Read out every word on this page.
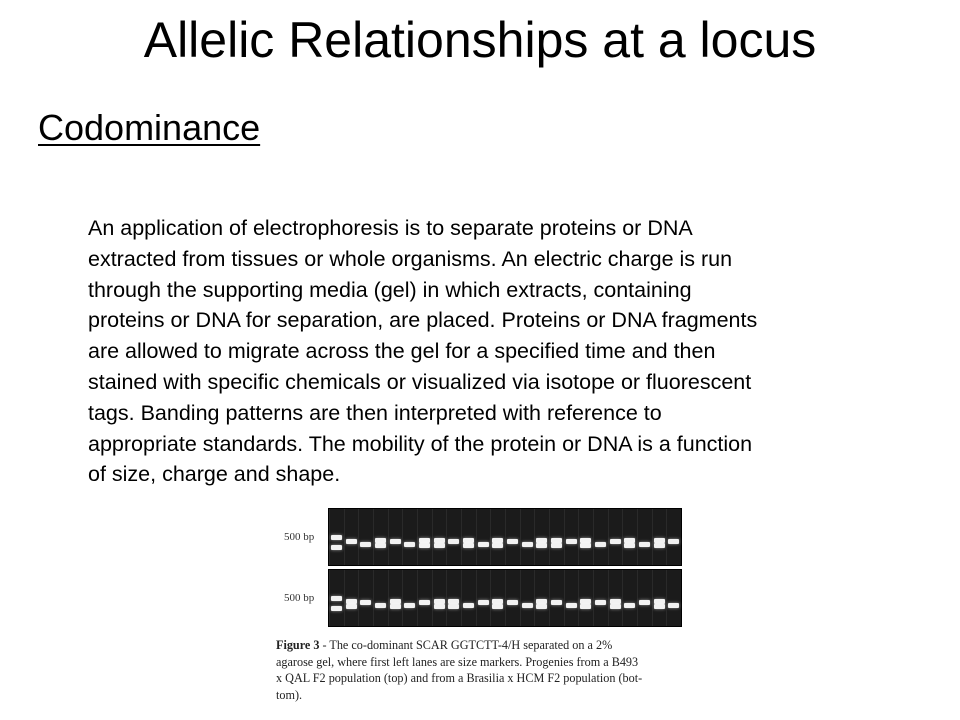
Allelic Relationships at a locus
Codominance
An application of electrophoresis is to separate proteins or DNA
extracted from tissues or whole organisms. An electric charge is run
through the supporting media (gel) in which extracts, containing
proteins or DNA for separation, are placed. Proteins or DNA fragments
are allowed to migrate across the gel for a specified time and then
stained with specific chemicals or visualized via isotope or fluorescent
tags. Banding patterns are then interpreted with reference to
appropriate standards. The mobility of the protein or DNA is a function
of size, charge and shape.
500 bp
500 bp
Figure 3 - The co-dominant SCAR GGTCTT-4/H separated on a 2%
agarose gel, where first left lanes are size markers. Progenies from a B493
x QAL F2 population (top) and from a Brasilia x HCM F2 population (bot-
tom).
